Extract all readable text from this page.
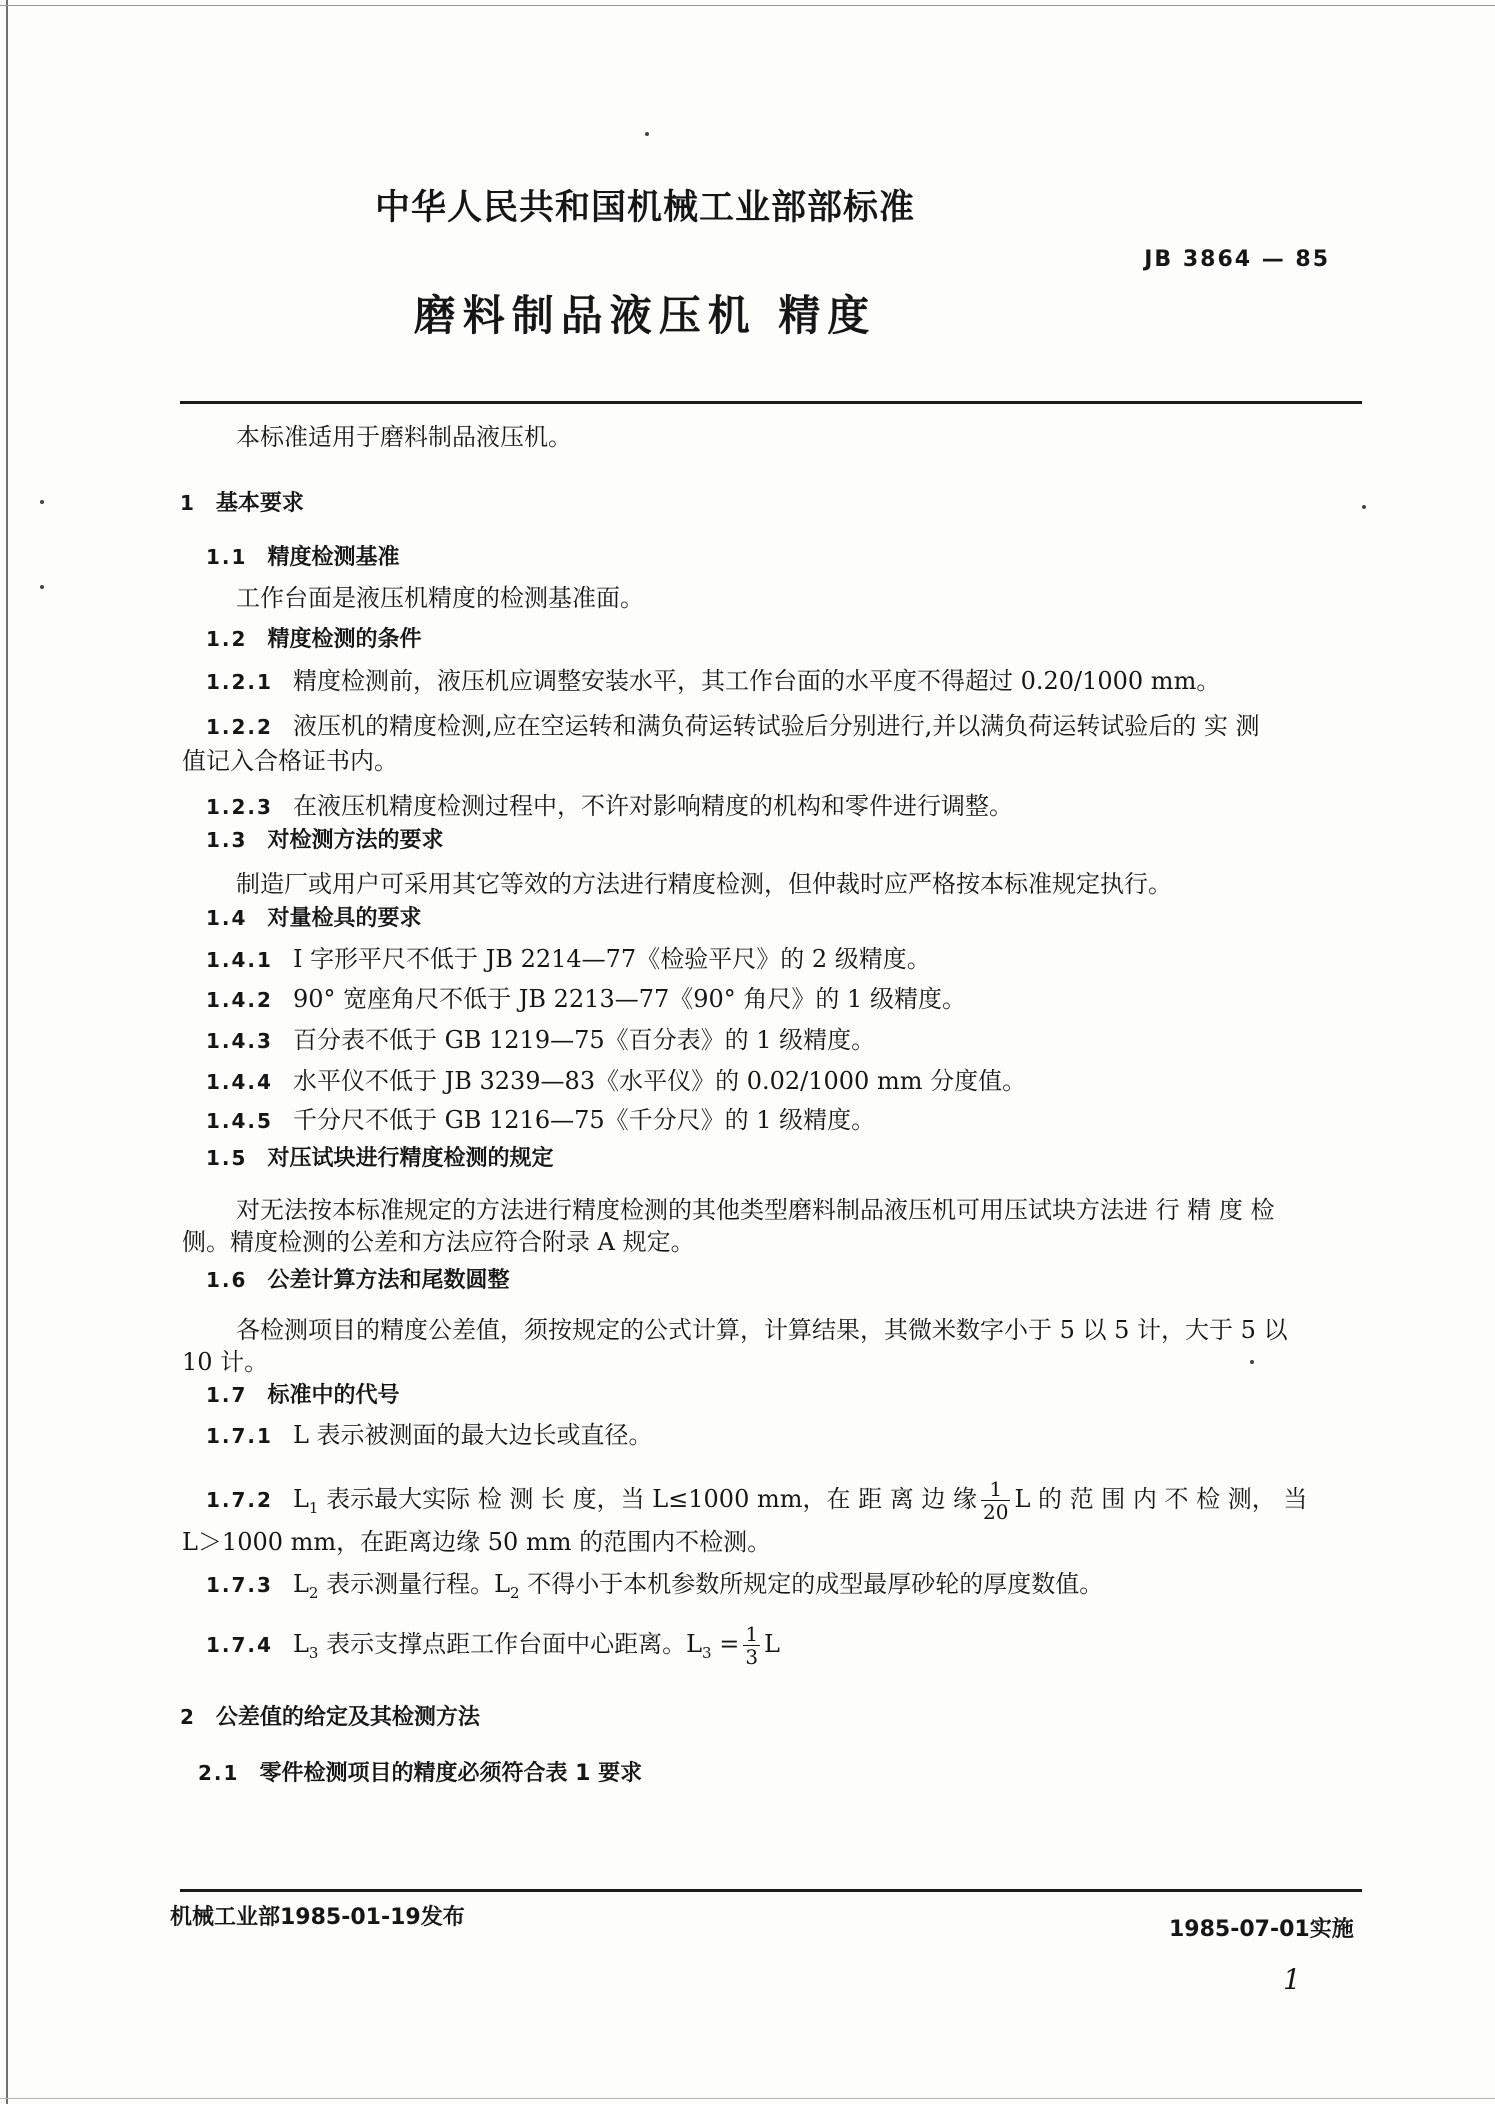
中华人民共和国机械工业部部标准
JB 3864 — 85
磨料制品液压机 精度
本标准适用于磨料制品液压机。
1 基本要求
1.1 精度检测基准
工作台面是液压机精度的检测基准面。
1.2 精度检测的条件
1.2.1 精度检测前，液压机应调整安装水平，其工作台面的水平度不得超过 0.20/1000 mm。
1.2.2 液压机的精度检测,应在空运转和满负荷运转试验后分别进行,并以满负荷运转试验后的 实 测
值记入合格证书内。
1.2.3 在液压机精度检测过程中，不许对影响精度的机构和零件进行调整。
1.3 对检测方法的要求
制造厂或用户可采用其它等效的方法进行精度检测，但仲裁时应严格按本标准规定执行。
1.4 对量检具的要求
1.4.1 I 字形平尺不低于 JB 2214—77《检验平尺》的 2 级精度。
1.4.2 90° 宽座角尺不低于 JB 2213—77《90° 角尺》的 1 级精度。
1.4.3 百分表不低于 GB 1219—75《百分表》的 1 级精度。
1.4.4 水平仪不低于 JB 3239—83《水平仪》的 0.02/1000 mm 分度值。
1.4.5 千分尺不低于 GB 1216—75《千分尺》的 1 级精度。
1.5 对压试块进行精度检测的规定
对无法按本标准规定的方法进行精度检测的其他类型磨料制品液压机可用压试块方法进 行 精 度 检
侧。精度检测的公差和方法应符合附录 A 规定。
1.6 公差计算方法和尾数圆整
各检测项目的精度公差值，须按规定的公式计算，计算结果，其微米数字小于 5 以 5 计，大于 5 以
10 计。
1.7 标准中的代号
1.7.1 L 表示被测面的最大边长或直径。
1.7.2 $L_1$ 表示最大实际 检 测 长 度，当 L≤1000 mm，在 距 离 边 缘 $\frac{1}{20}$ L 的 范 围 内 不 检 测， 当
L＞1000 mm，在距离边缘 50 mm 的范围内不检测。
1.7.3 $L_2$ 表示测量行程。$L_2$ 不得小于本机参数所规定的成型最厚砂轮的厚度数值。
1.7.4 $L_3$ 表示支撑点距工作台面中心距离。$L_3 = \frac{1}{3}$ L
2 公差值的给定及其检测方法
2.1 零件检测项目的精度必须符合表 1 要求
机械工业部1985-01-19发布	1985-07-01实施
1
